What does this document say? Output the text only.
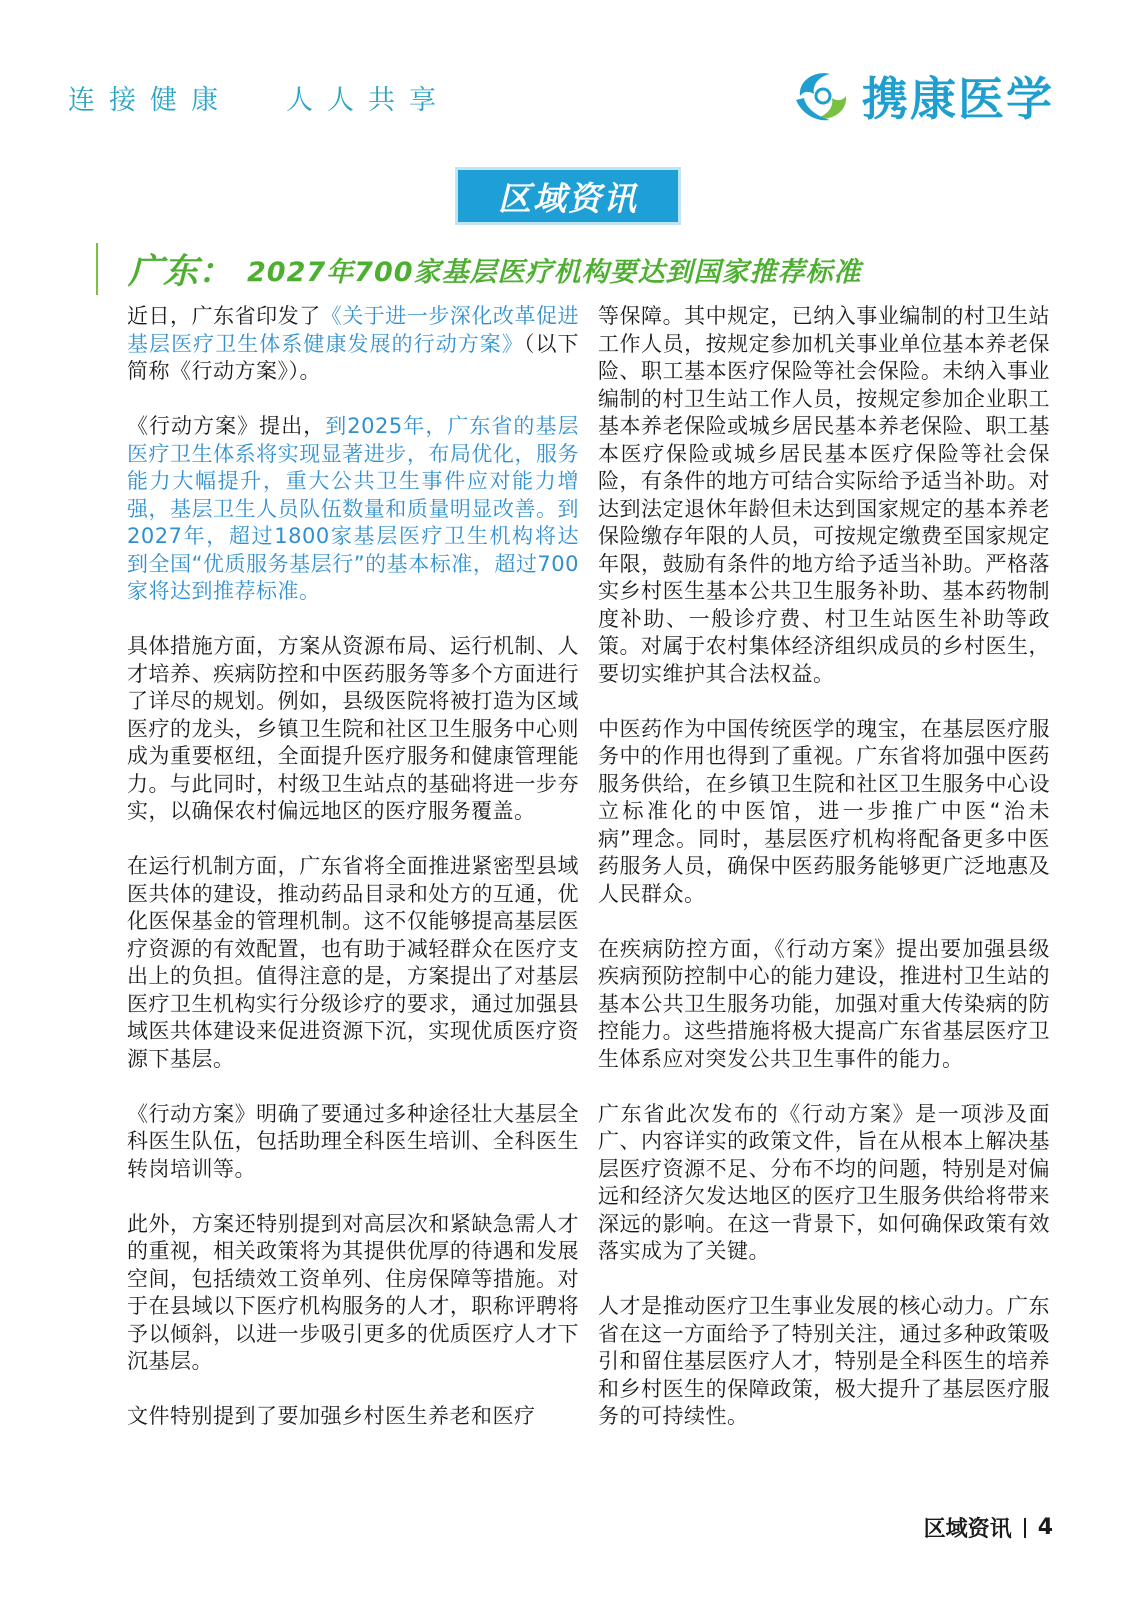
连接健康 人人共享	携康医学
区域资讯
广东： 2027年700家基层医疗机构要达到国家推荐标准

近日，广东省印发了《关于进一步深化改革促进基层医疗卫生体系健康发展的行动方案》（以下简称《行动方案》）。

《行动方案》提出，到2025年，广东省的基层医疗卫生体系将实现显著进步，布局优化，服务能力大幅提升，重大公共卫生事件应对能力增强，基层卫生人员队伍数量和质量明显改善。到2027年，超过1800家基层医疗卫生机构将达到全国“优质服务基层行”的基本标准，超过700家将达到推荐标准。

具体措施方面，方案从资源布局、运行机制、人才培养、疾病防控和中医药服务等多个方面进行了详尽的规划。例如，县级医院将被打造为区域医疗的龙头，乡镇卫生院和社区卫生服务中心则成为重要枢纽，全面提升医疗服务和健康管理能力。与此同时，村级卫生站点的基础将进一步夯实，以确保农村偏远地区的医疗服务覆盖。

在运行机制方面，广东省将全面推进紧密型县域医共体的建设，推动药品目录和处方的互通，优化医保基金的管理机制。这不仅能够提高基层医疗资源的有效配置，也有助于减轻群众在医疗支出上的负担。值得注意的是，方案提出了对基层医疗卫生机构实行分级诊疗的要求，通过加强县域医共体建设来促进资源下沉，实现优质医疗资源下基层。

《行动方案》明确了要通过多种途径壮大基层全科医生队伍，包括助理全科医生培训、全科医生转岗培训等。

此外，方案还特别提到对高层次和紧缺急需人才的重视，相关政策将为其提供优厚的待遇和发展空间，包括绩效工资单列、住房保障等措施。对于在县域以下医疗机构服务的人才，职称评聘将予以倾斜，以进一步吸引更多的优质医疗人才下沉基层。

文件特别提到了要加强乡村医生养老和医疗

等保障。其中规定，已纳入事业编制的村卫生站工作人员，按规定参加机关事业单位基本养老保险、职工基本医疗保险等社会保险。未纳入事业编制的村卫生站工作人员，按规定参加企业职工基本养老保险或城乡居民基本养老保险、职工基本医疗保险或城乡居民基本医疗保险等社会保险，有条件的地方可结合实际给予适当补助。对达到法定退休年龄但未达到国家规定的基本养老保险缴存年限的人员，可按规定缴费至国家规定年限，鼓励有条件的地方给予适当补助。严格落实乡村医生基本公共卫生服务补助、基本药物制度补助、一般诊疗费、村卫生站医生补助等政策。对属于农村集体经济组织成员的乡村医生，要切实维护其合法权益。

中医药作为中国传统医学的瑰宝，在基层医疗服务中的作用也得到了重视。广东省将加强中医药服务供给，在乡镇卫生院和社区卫生服务中心设立标准化的中医馆，进一步推广中医“治未病”理念。同时，基层医疗机构将配备更多中医药服务人员，确保中医药服务能够更广泛地惠及人民群众。

在疾病防控方面，《行动方案》提出要加强县级疾病预防控制中心的能力建设，推进村卫生站的基本公共卫生服务功能，加强对重大传染病的防控能力。这些措施将极大提高广东省基层医疗卫生体系应对突发公共卫生事件的能力。

广东省此次发布的《行动方案》是一项涉及面广、内容详实的政策文件，旨在从根本上解决基层医疗资源不足、分布不均的问题，特别是对偏远和经济欠发达地区的医疗卫生服务供给将带来深远的影响。在这一背景下，如何确保政策有效落实成为了关键。

人才是推动医疗卫生事业发展的核心动力。广东省在这一方面给予了特别关注，通过多种政策吸引和留住基层医疗人才，特别是全科医生的培养和乡村医生的保障政策，极大提升了基层医疗服务的可持续性。

区域资讯 4
